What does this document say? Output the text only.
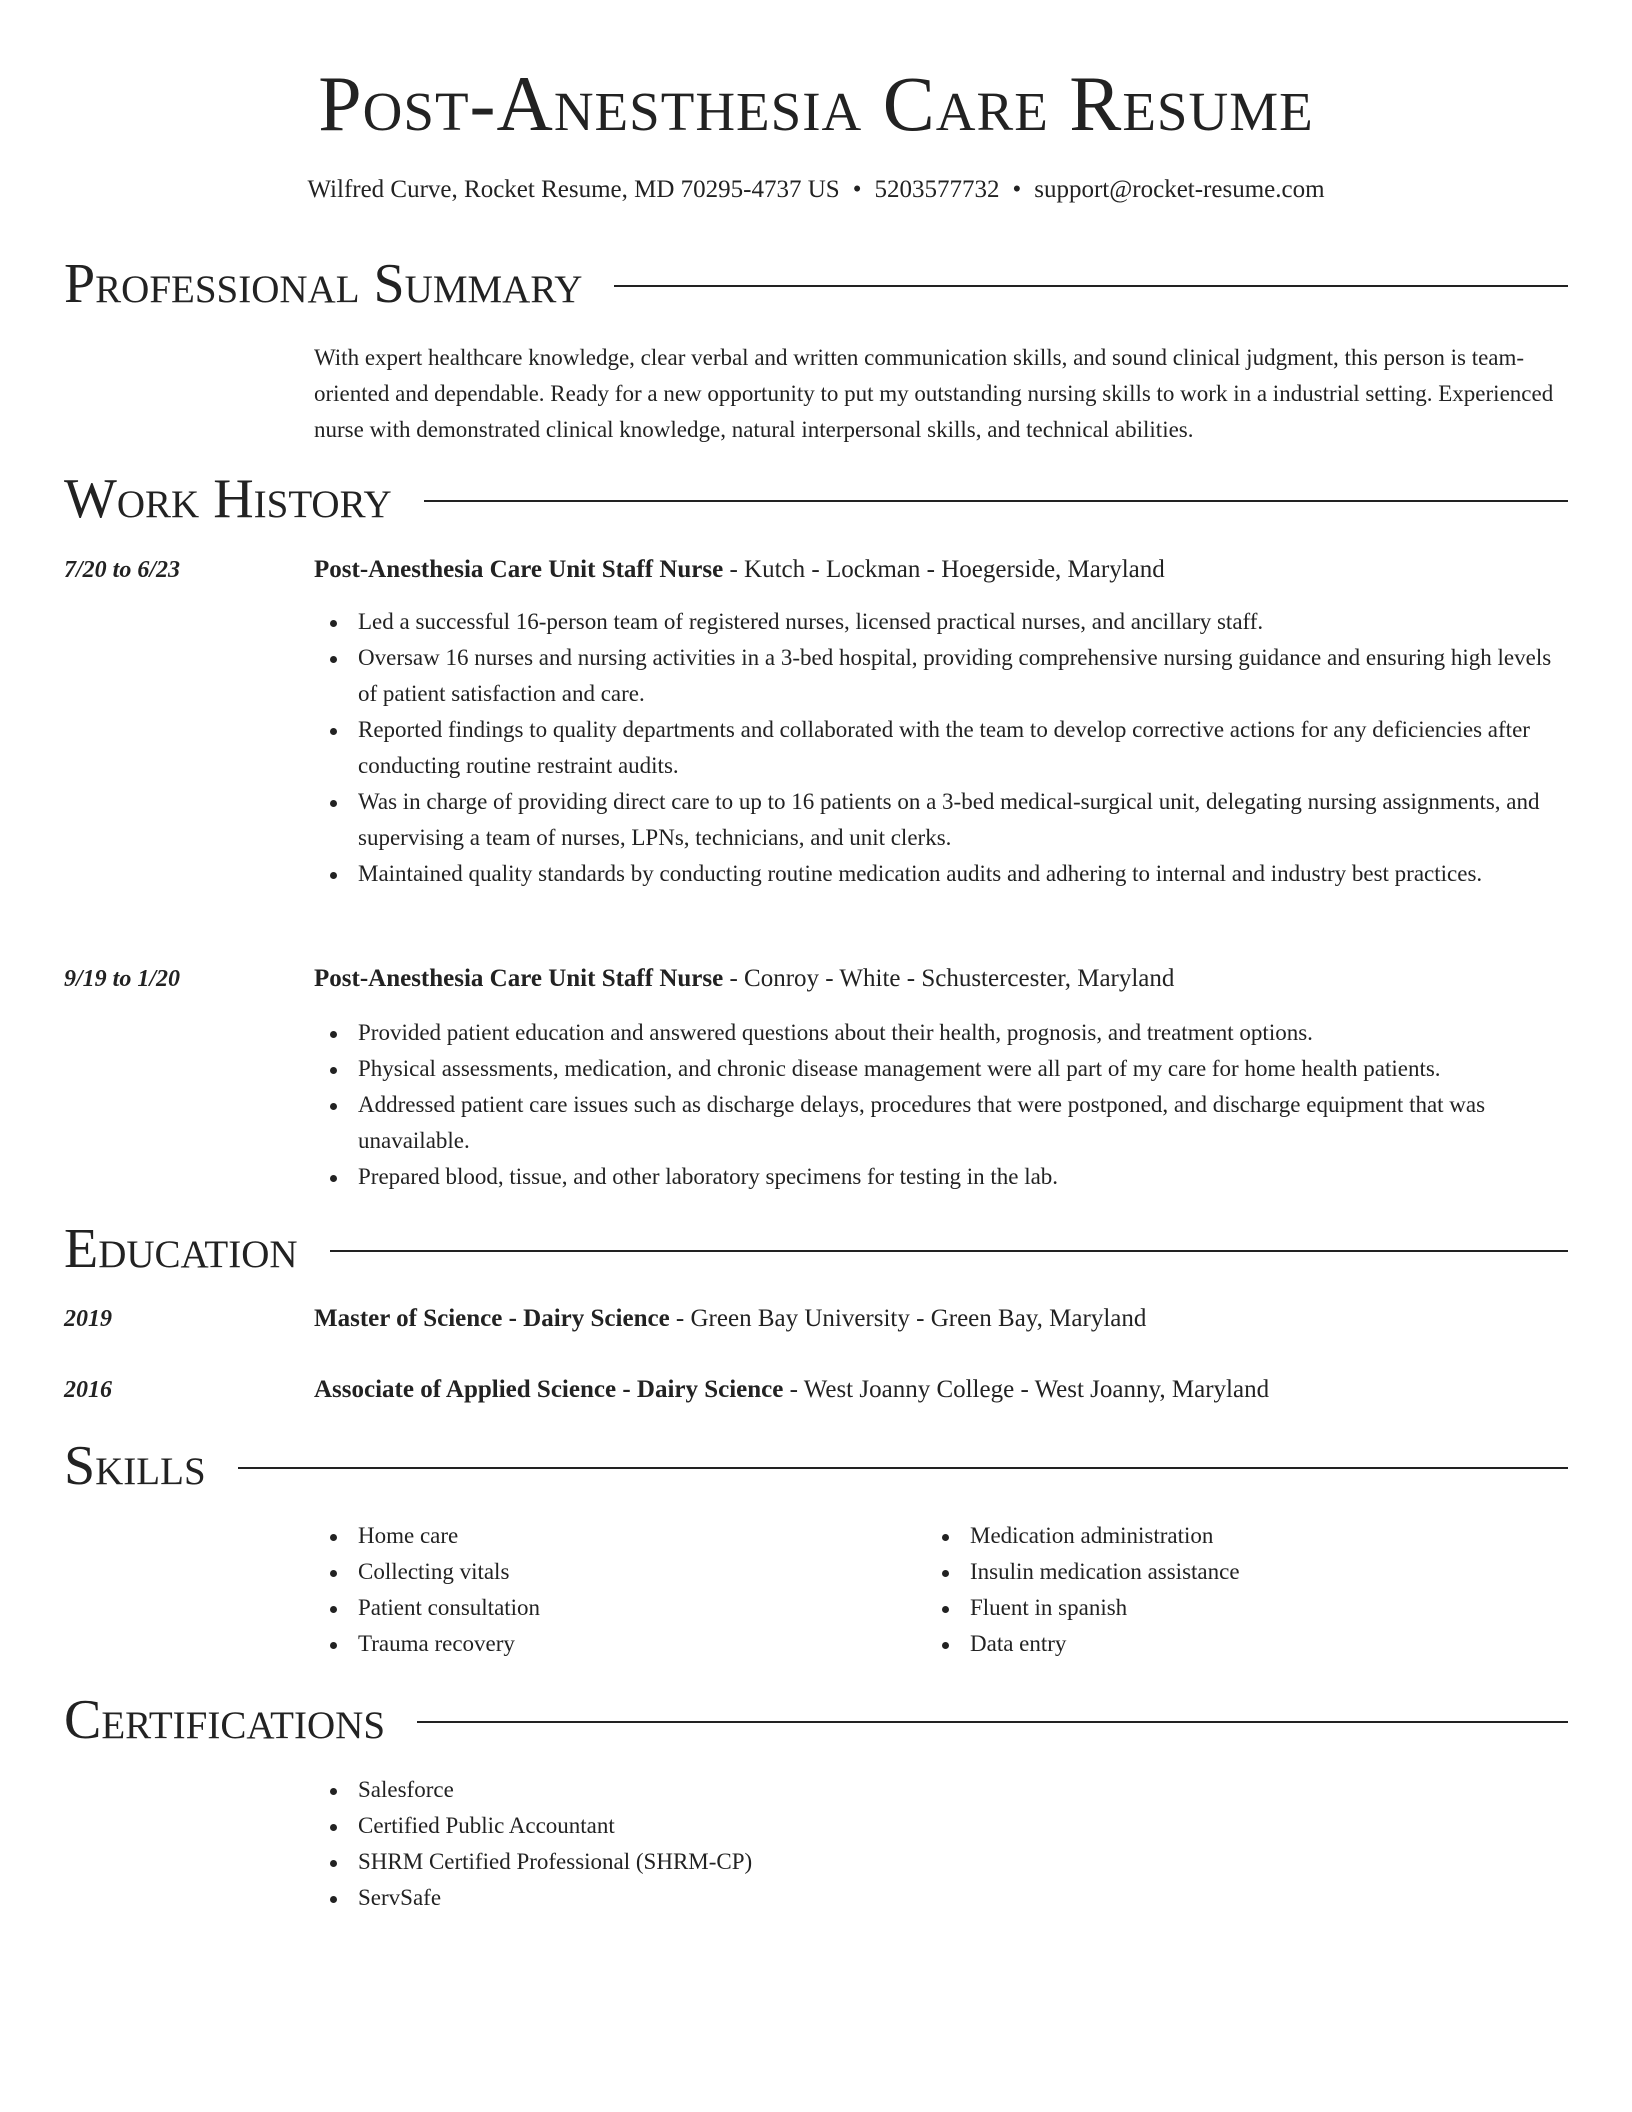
Post-Anesthesia Care Resume
Wilfred Curve, Rocket Resume, MD 70295-4737 US • 5203577732 • support@rocket-resume.com
Professional Summary

With expert healthcare knowledge, clear verbal and written communication skills, and sound clinical judgment, this person is team-oriented and dependable. Ready for a new opportunity to put my outstanding nursing skills to work in a industrial setting. Experienced nurse with demonstrated clinical knowledge, natural interpersonal skills, and technical abilities.

Work History
7/20 to 6/23	Post-Anesthesia Care Unit Staff Nurse - Kutch - Lockman - Hoegerside, Maryland
Led a successful 16-person team of registered nurses, licensed practical nurses, and ancillary staff.
Oversaw 16 nurses and nursing activities in a 3-bed hospital, providing comprehensive nursing guidance and ensuring high levels of patient satisfaction and care.
Reported findings to quality departments and collaborated with the team to develop corrective actions for any deficiencies after conducting routine restraint audits.
Was in charge of providing direct care to up to 16 patients on a 3-bed medical-surgical unit, delegating nursing assignments, and supervising a team of nurses, LPNs, technicians, and unit clerks.
Maintained quality standards by conducting routine medication audits and adhering to internal and industry best practices.
9/19 to 1/20	Post-Anesthesia Care Unit Staff Nurse - Conroy - White - Schustercester, Maryland
Provided patient education and answered questions about their health, prognosis, and treatment options.
Physical assessments, medication, and chronic disease management were all part of my care for home health patients.
Addressed patient care issues such as discharge delays, procedures that were postponed, and discharge equipment that was unavailable.
Prepared blood, tissue, and other laboratory specimens for testing in the lab.
Education
2019	Master of Science - Dairy Science - Green Bay University - Green Bay, Maryland
2016	Associate of Applied Science - Dairy Science - West Joanny College - West Joanny, Maryland
Skills
Home care
Collecting vitals
Patient consultation
Trauma recovery
Medication administration
Insulin medication assistance
Fluent in spanish
Data entry
Certifications
Salesforce
Certified Public Accountant
SHRM Certified Professional (SHRM-CP)
ServSafe
